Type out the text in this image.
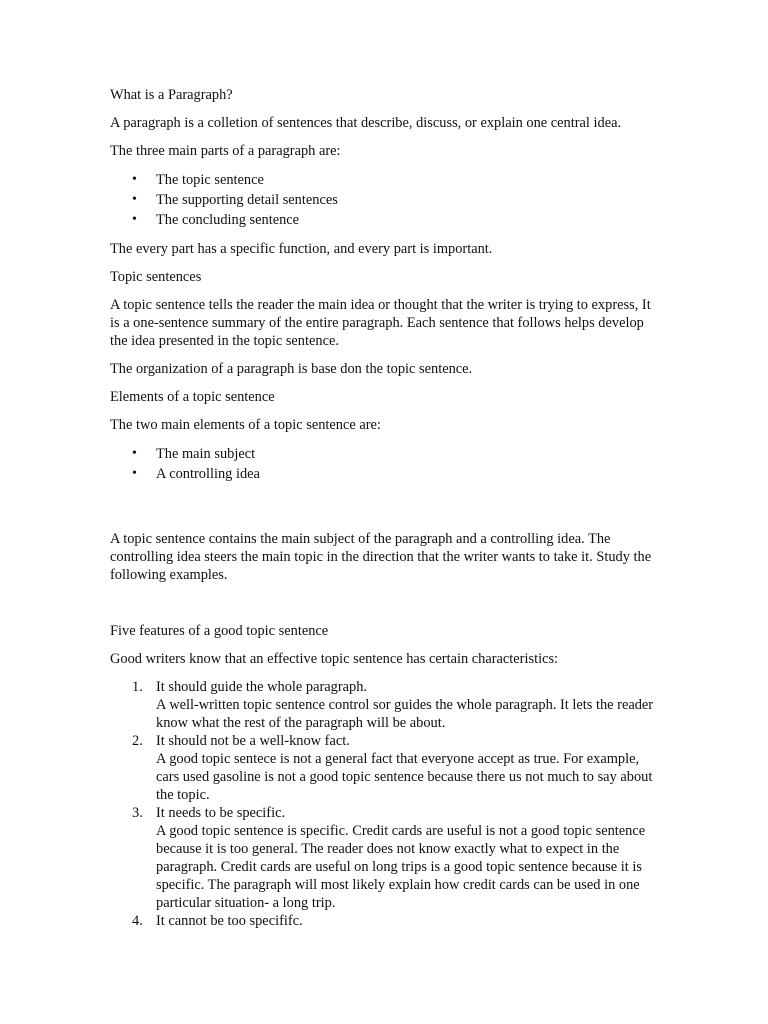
What is a Paragraph?

A paragraph is a colletion of sentences that describe, discuss, or explain one central idea.

The three main parts of a paragraph are:

• The topic sentence
• The supporting detail sentences
• The concluding sentence

The every part has a specific function, and every part is important.

Topic sentences

A topic sentence tells the reader the main idea or thought that the writer is trying to express, It is a one-sentence summary of the entire paragraph. Each sentence that follows helps develop the idea presented in the topic sentence.

The organization of a paragraph is base don the topic sentence.

Elements of a topic sentence

The two main elements of a topic sentence are:

• The main subject
• A controlling idea

A topic sentence contains the main subject of the paragraph and a controlling idea. The controlling idea steers the main topic in the direction that the writer wants to take it. Study the following examples.

Five features of a good topic sentence

Good writers know that an effective topic sentence has certain characteristics:

1. It should guide the whole paragraph.
A well-written topic sentence control sor guides the whole paragraph. It lets the reader know what the rest of the paragraph will be about.
2. It should not be a well-know fact.
A good topic sentece is not a general fact that everyone accept as true. For example, cars used gasoline is not a good topic sentence because there us not much to say about the topic.
3. It needs to be specific.
A good topic sentence is specific. Credit cards are useful is not a good topic sentence because it is too general. The reader does not know exactly what to expect in the paragraph. Credit cards are useful on long trips is a good topic sentence because it is specific. The paragraph will most likely explain how credit cards can be used in one particular situation- a long trip.
4. It cannot be too specififc.
